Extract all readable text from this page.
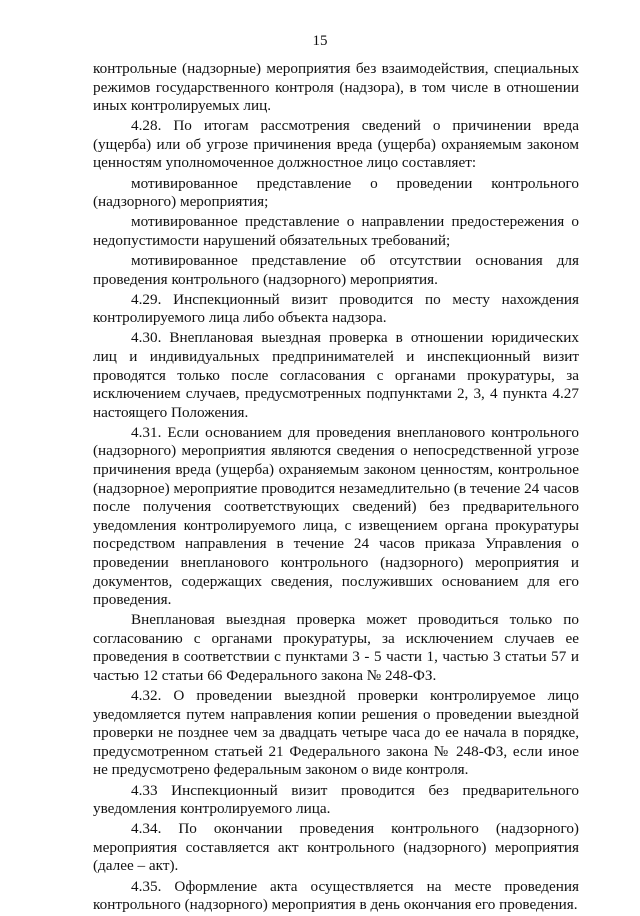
15

контрольные (надзорные) мероприятия без взаимодействия, специальных режимов государственного контроля (надзора), в том числе в отношении иных контролируемых лиц.

4.28. По итогам рассмотрения сведений о причинении вреда (ущерба) или об угрозе причинения вреда (ущерба) охраняемым законом ценностям уполномоченное должностное лицо составляет:

мотивированное представление о проведении контрольного (надзорного) мероприятия;

мотивированное представление о направлении предостережения о недопустимости нарушений обязательных требований;

мотивированное представление об отсутствии основания для проведения контрольного (надзорного) мероприятия.

4.29. Инспекционный визит проводится по месту нахождения контролируемого лица либо объекта надзора.

4.30. Внеплановая выездная проверка в отношении юридических лиц и индивидуальных предпринимателей и инспекционный визит проводятся только после согласования с органами прокуратуры, за исключением случаев, предусмотренных подпунктами 2, 3, 4 пункта 4.27 настоящего Положения.

4.31. Если основанием для проведения внепланового контрольного (надзорного) мероприятия являются сведения о непосредственной угрозе причинения вреда (ущерба) охраняемым законом ценностям, контрольное (надзорное) мероприятие проводится незамедлительно (в течение 24 часов после получения соответствующих сведений) без предварительного уведомления контролируемого лица, с извещением органа прокуратуры посредством направления в течение 24 часов приказа Управления о проведении внепланового контрольного (надзорного) мероприятия и документов, содержащих сведения, послуживших основанием для его проведения.

Внеплановая выездная проверка может проводиться только по согласованию с органами прокуратуры, за исключением случаев ее проведения в соответствии с пунктами 3 - 5 части 1, частью 3 статьи 57 и частью 12 статьи 66 Федерального закона № 248-ФЗ.

4.32. О проведении выездной проверки контролируемое лицо уведомляется путем направления копии решения о проведении выездной проверки не позднее чем за двадцать четыре часа до ее начала в порядке, предусмотренном статьей 21 Федерального закона № 248-ФЗ, если иное не предусмотрено федеральным законом о виде контроля.

4.33 Инспекционный визит проводится без предварительного уведомления контролируемого лица.

4.34. По окончании проведения контрольного (надзорного) мероприятия составляется акт контрольного (надзорного) мероприятия (далее – акт).

4.35. Оформление акта осуществляется на месте проведения контрольного (надзорного) мероприятия в день окончания его проведения.
